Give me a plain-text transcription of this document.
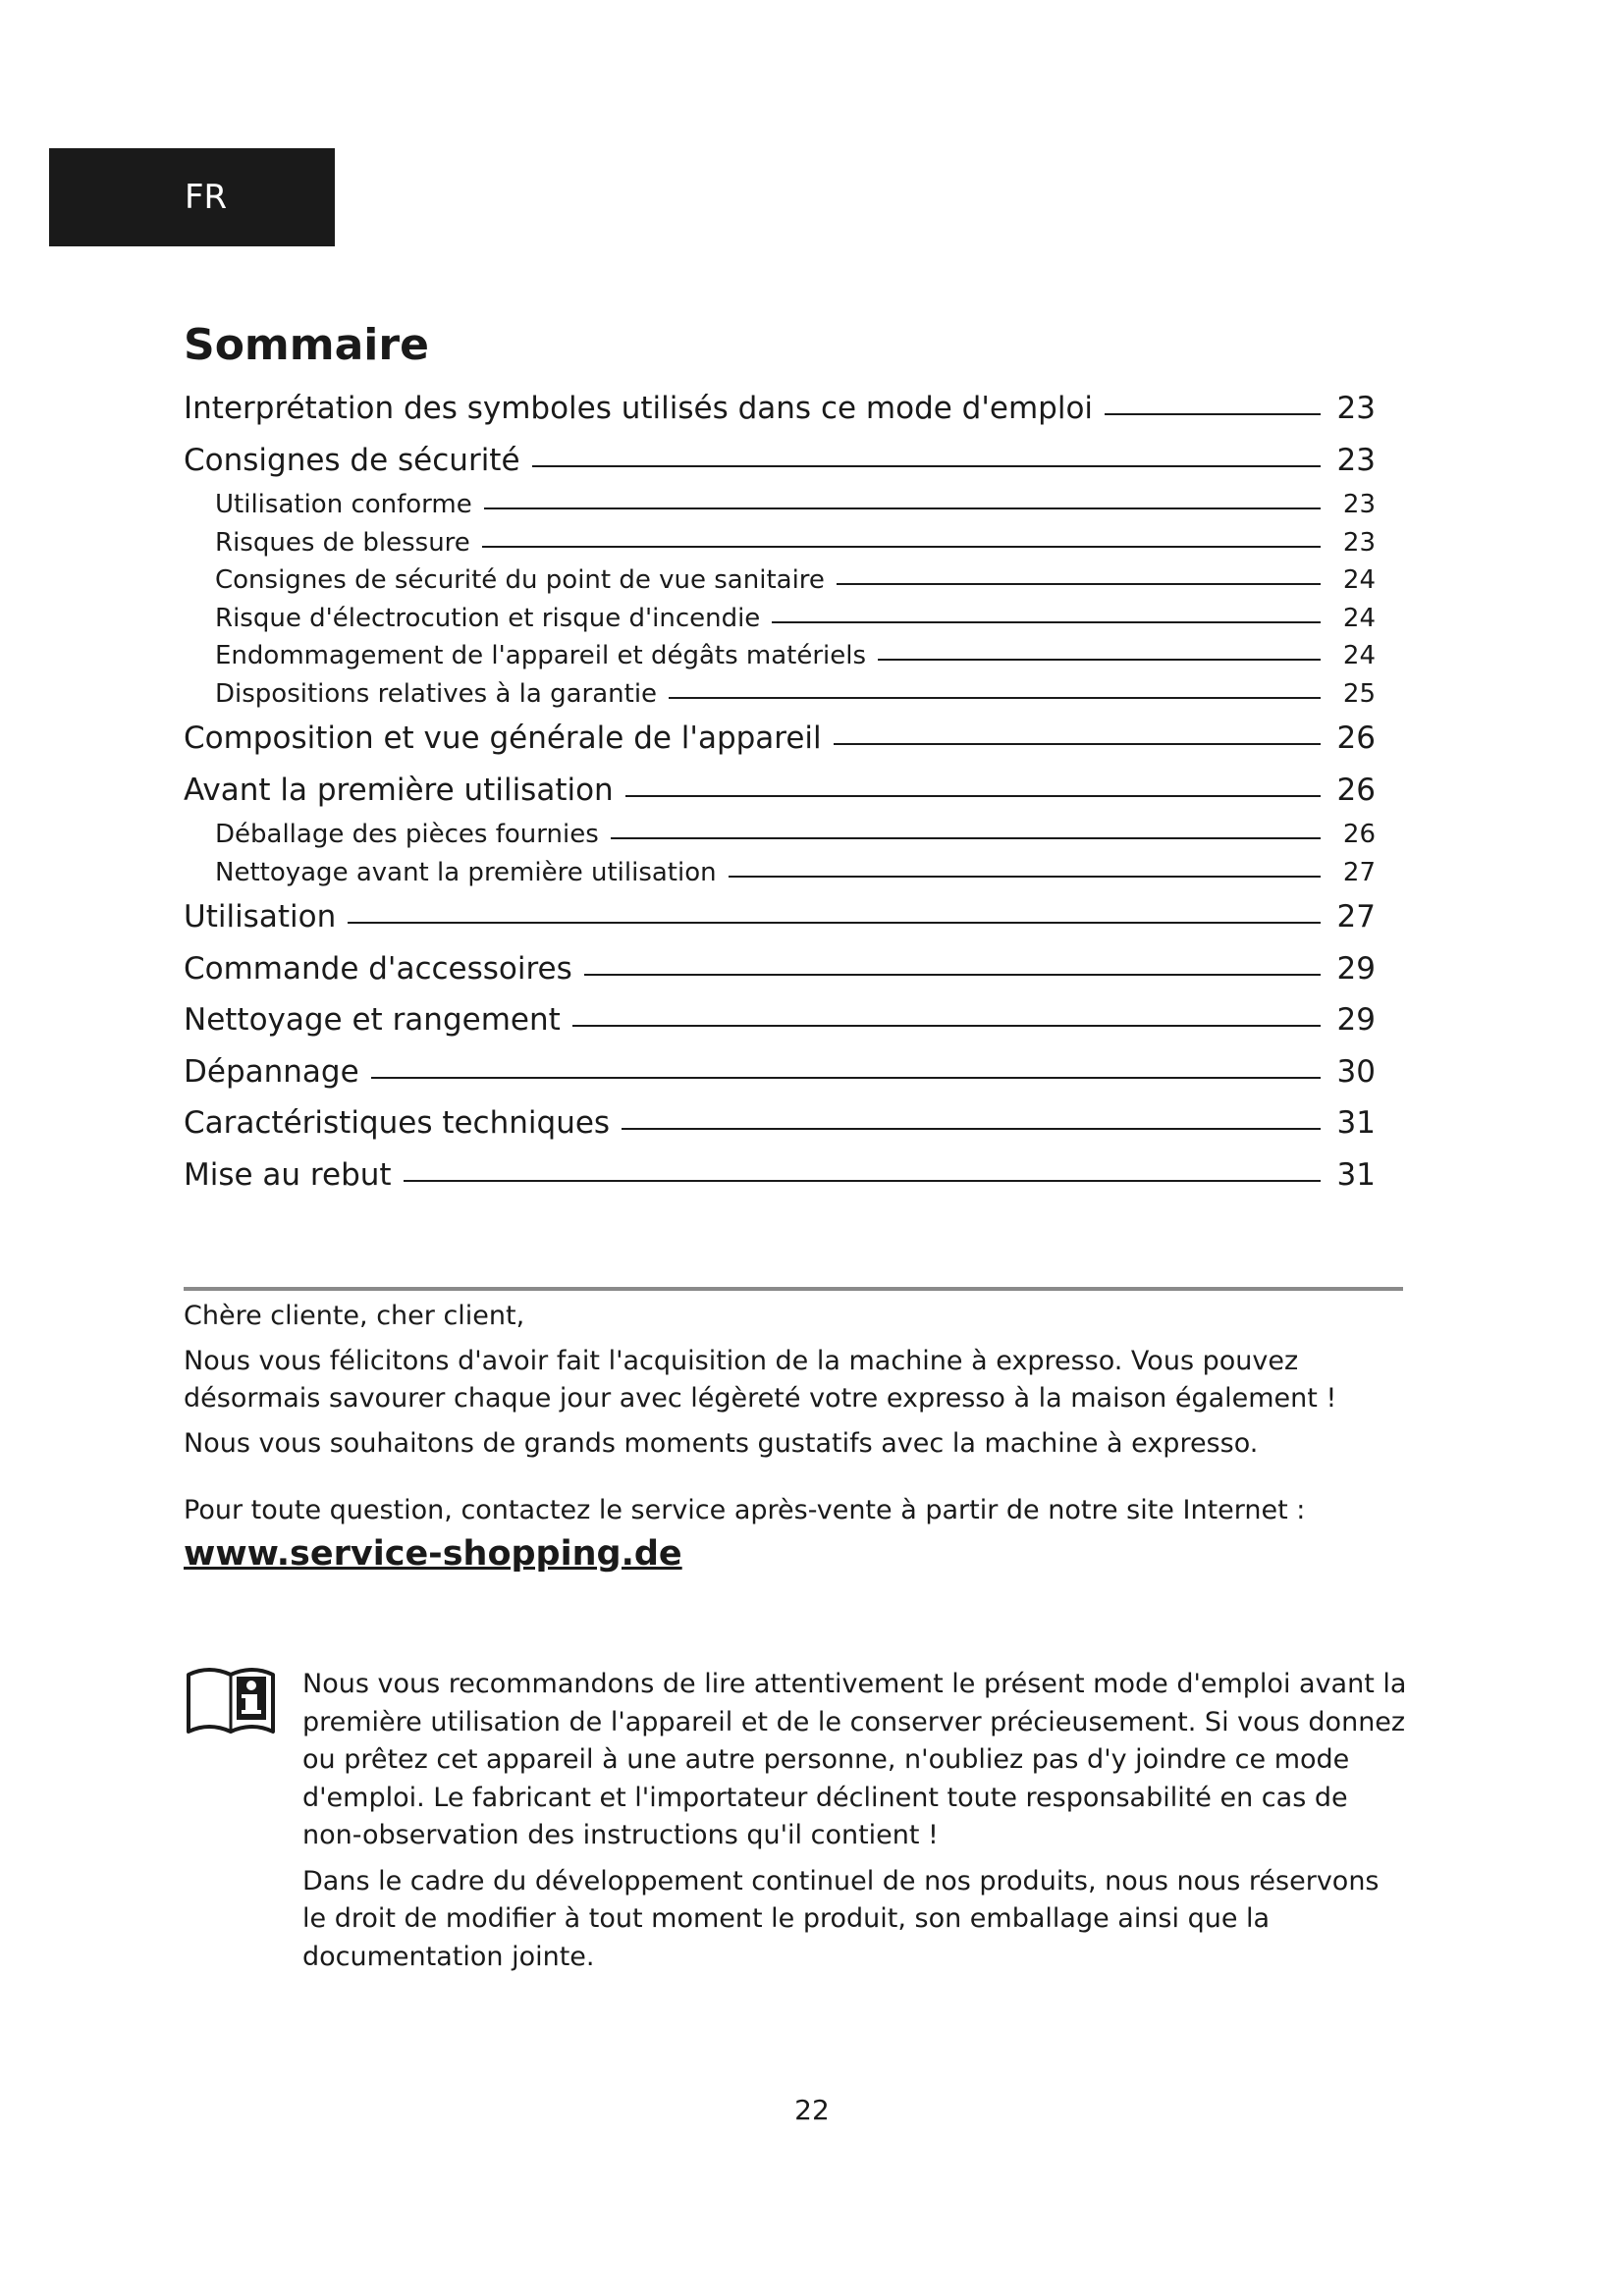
FR
Sommaire
Interprétation des symboles utilisés dans ce mode d'emploi	23
Consignes de sécurité	23
Utilisation conforme	23
Risques de blessure	23
Consignes de sécurité du point de vue sanitaire	24
Risque d'électrocution et risque d'incendie	24
Endommagement de l'appareil et dégâts matériels	24
Dispositions relatives à la garantie	25
Composition et vue générale de l'appareil	26
Avant la première utilisation	26
Déballage des pièces fournies	26
Nettoyage avant la première utilisation	27
Utilisation	27
Commande d'accessoires	29
Nettoyage et rangement	29
Dépannage	30
Caractéristiques techniques	31
Mise au rebut	31

Chère cliente, cher client,

Nous vous félicitons d'avoir fait l'acquisition de la machine à expresso. Vous pouvez désormais savourer chaque jour avec légèreté votre expresso à la maison également !

Nous vous souhaitons de grands moments gustatifs avec la machine à expresso.

Pour toute question, contactez le service après-vente à partir de notre site Internet :

www.service-shopping.de

Nous vous recommandons de lire attentivement le présent mode d'emploi avant la première utilisation de l'appareil et de le conserver précieusement. Si vous donnez ou prêtez cet appareil à une autre personne, n'oubliez pas d'y joindre ce mode d'emploi. Le fabricant et l'importateur déclinent toute responsabilité en cas de non-observation des instructions qu'il contient !

Dans le cadre du développement continuel de nos produits, nous nous réservons le droit de modifier à tout moment le produit, son emballage ainsi que la documentation jointe.

22
